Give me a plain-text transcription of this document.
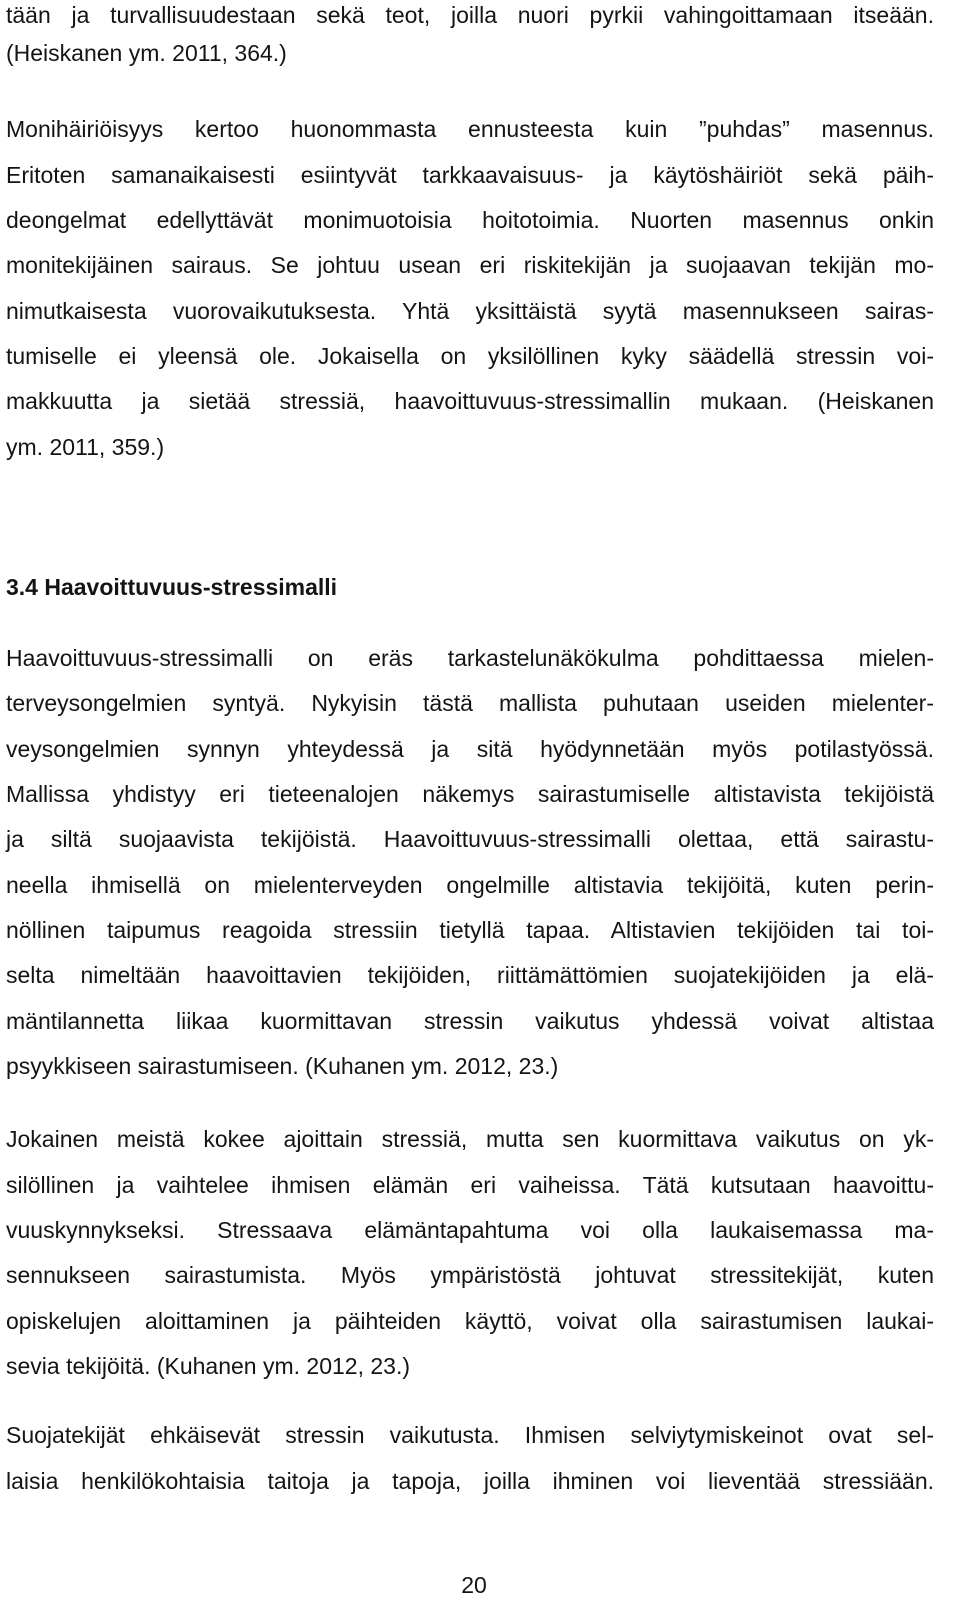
tään ja turvallisuudestaan sekä teot, joilla nuori pyrkii vahingoittamaan itseään.
(Heiskanen ym. 2011, 364.)
Monihäiriöisyys kertoo huonommasta ennusteesta kuin ”puhdas” masennus.
Eritoten samanaikaisesti esiintyvät tarkkaavaisuus- ja käytöshäiriöt sekä päih-
deongelmat edellyttävät monimuotoisia hoitotoimia. Nuorten masennus onkin
monitekijäinen sairaus. Se johtuu usean eri riskitekijän ja suojaavan tekijän mo-
nimutkaisesta vuorovaikutuksesta. Yhtä yksittäistä syytä masennukseen sairas-
tumiselle ei yleensä ole. Jokaisella on yksilöllinen kyky säädellä stressin voi-
makkuutta ja sietää stressiä, haavoittuvuus-stressimallin mukaan. (Heiskanen
ym. 2011, 359.)
3.4 Haavoittuvuus-stressimalli
Haavoittuvuus-stressimalli on eräs tarkastelunäkökulma pohdittaessa mielen-
terveysongelmien syntyä. Nykyisin tästä mallista puhutaan useiden mielenter-
veysongelmien synnyn yhteydessä ja sitä hyödynnetään myös potilastyössä.
Mallissa yhdistyy eri tieteenalojen näkemys sairastumiselle altistavista tekijöistä
ja siltä suojaavista tekijöistä. Haavoittuvuus-stressimalli olettaa, että sairastu-
neella ihmisellä on mielenterveyden ongelmille altistavia tekijöitä, kuten perin-
nöllinen taipumus reagoida stressiin tietyllä tapaa. Altistavien tekijöiden tai toi-
selta nimeltään haavoittavien tekijöiden, riittämättömien suojatekijöiden ja elä-
mäntilannetta liikaa kuormittavan stressin vaikutus yhdessä voivat altistaa
psyykkiseen sairastumiseen. (Kuhanen ym. 2012, 23.)
Jokainen meistä kokee ajoittain stressiä, mutta sen kuormittava vaikutus on yk-
silöllinen ja vaihtelee ihmisen elämän eri vaiheissa. Tätä kutsutaan haavoittu-
vuuskynnykseksi. Stressaava elämäntapahtuma voi olla laukaisemassa ma-
sennukseen sairastumista. Myös ympäristöstä johtuvat stressitekijät, kuten
opiskelujen aloittaminen ja päihteiden käyttö, voivat olla sairastumisen laukai-
sevia tekijöitä. (Kuhanen ym. 2012, 23.)
Suojatekijät ehkäisevät stressin vaikutusta. Ihmisen selviytymiskeinot ovat sel-
laisia henkilökohtaisia taitoja ja tapoja, joilla ihminen voi lieventää stressiään.
20
